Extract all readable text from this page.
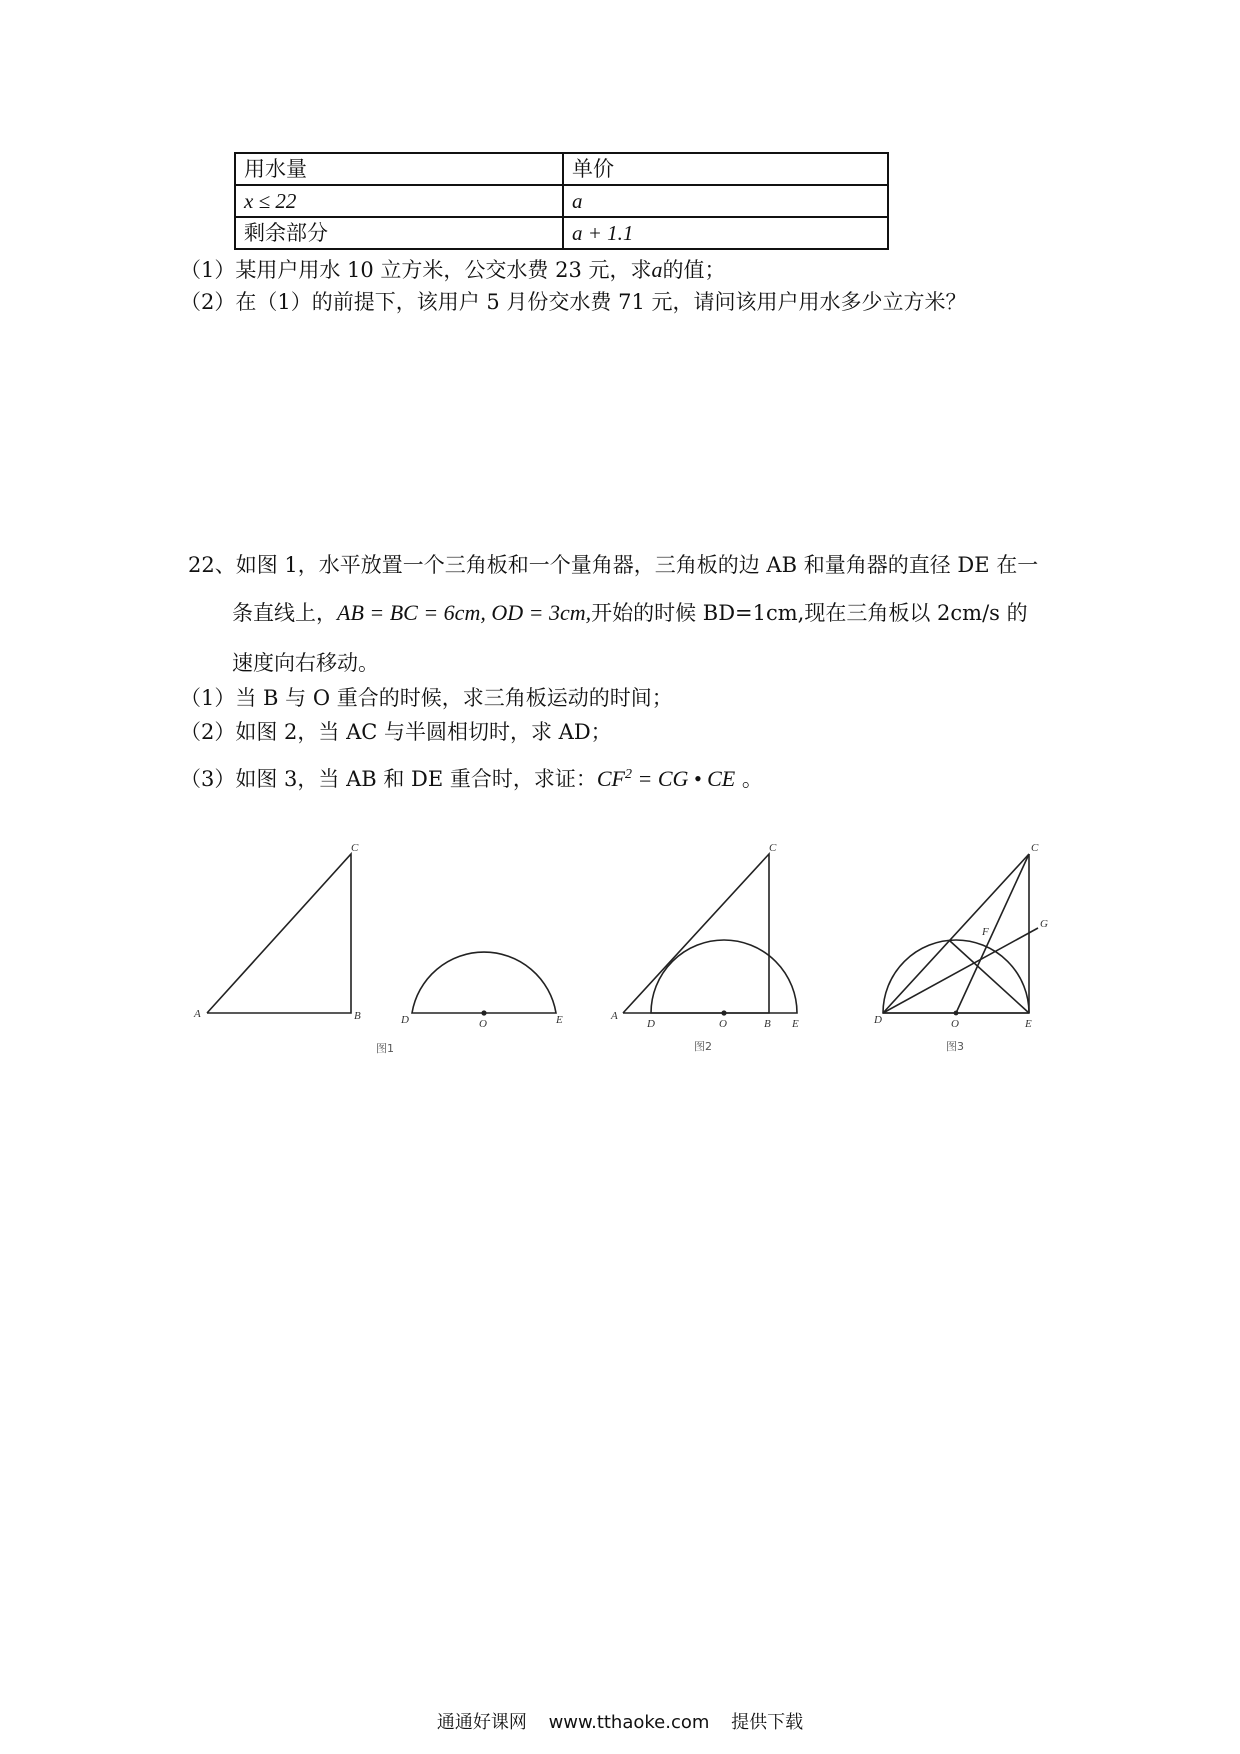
用水量	单价
x ≤ 22	a
剩余部分	a + 1.1
（1）某用户用水 10 立方米，公交水费 23 元，求a的值；
（2）在（1）的前提下，该用户 5 月份交水费 71 元，请问该用户用水多少立方米？
22、如图 1，水平放置一个三角板和一个量角器，三角板的边 AB 和量角器的直径 DE 在一
条直线上，AB = BC = 6cm, OD = 3cm,开始的时候 BD=1cm,现在三角板以 2cm/s 的
速度向右移动。
（1）当 B 与 O 重合的时候，求三角板运动的时间；
（2）如图 2，当 AC 与半圆相切时，求 AD；
（3）如图 3，当 AB 和 DE 重合时，求证：$CF^2$ = CG • CE 。
A	B
C
D	O	E	A
D	O	B E
C
D	O	E
C
G
F
图1	图2	图3
通通好课网 www.tthaoke.com 提供下载
